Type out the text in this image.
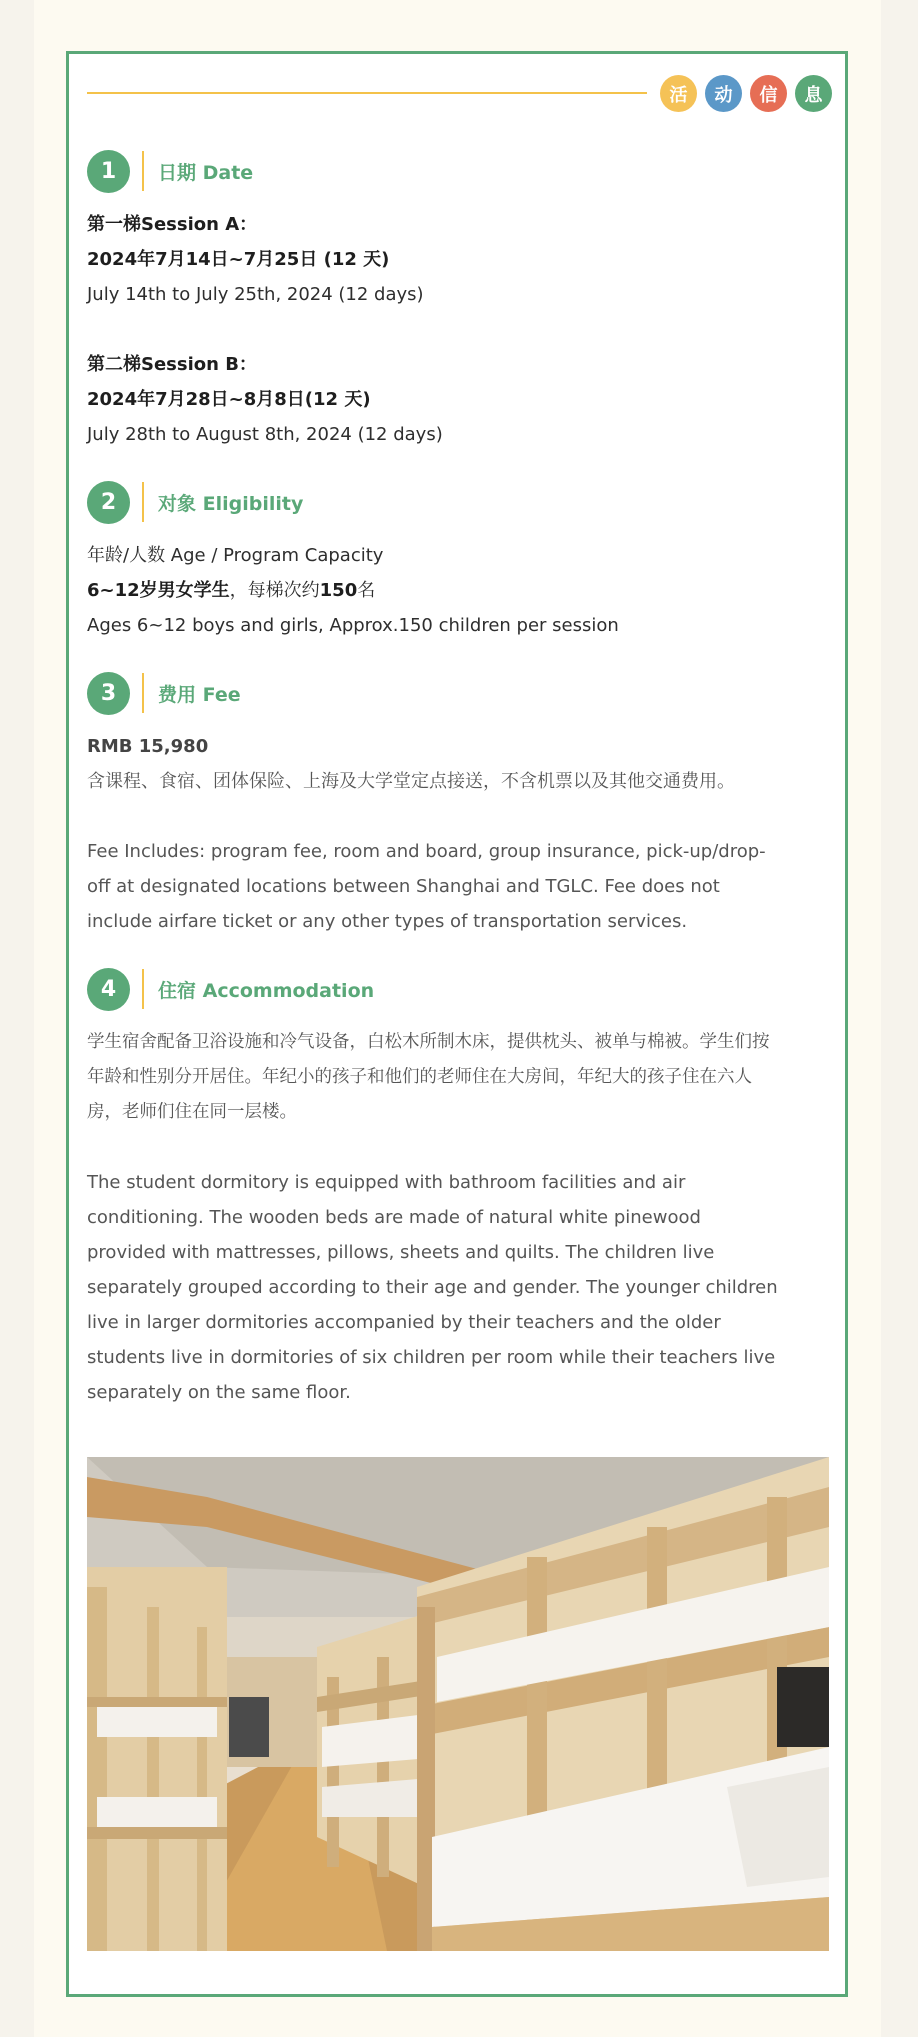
活	动	信	息
1	日期 Date
第一梯Session A：
2024年7月14日~7月25日 (12 天)
July 14th to July 25th, 2024 (12 days)
第二梯Session B：
2024年7月28日~8月8日(12 天)
July 28th to August 8th, 2024 (12 days)
2	对象 Eligibility
年龄/人数 Age / Program Capacity
6~12岁男女学生，每梯次约150名
Ages 6~12 boys and girls, Approx.150 children per session
3	费用 Fee
RMB 15,980
含课程、食宿、团体保险、上海及大学堂定点接送，不含机票以及其他交通费用。
Fee Includes: program fee, room and board, group insurance, pick-up/drop-
off at designated locations between Shanghai and TGLC. Fee does not
include airfare ticket or any other types of transportation services.
4	住宿 Accommodation
学生宿舍配备卫浴设施和冷气设备，白松木所制木床，提供枕头、被单与棉被。学生们按
年龄和性别分开居住。年纪小的孩子和他们的老师住在大房间，年纪大的孩子住在六人
房，老师们住在同一层楼。
The student dormitory is equipped with bathroom facilities and air
conditioning. The wooden beds are made of natural white pinewood
provided with mattresses, pillows, sheets and quilts. The children live
separately grouped according to their age and gender. The younger children
live in larger dormitories accompanied by their teachers and the older
students live in dormitories of six children per room while their teachers live
separately on the same floor.
